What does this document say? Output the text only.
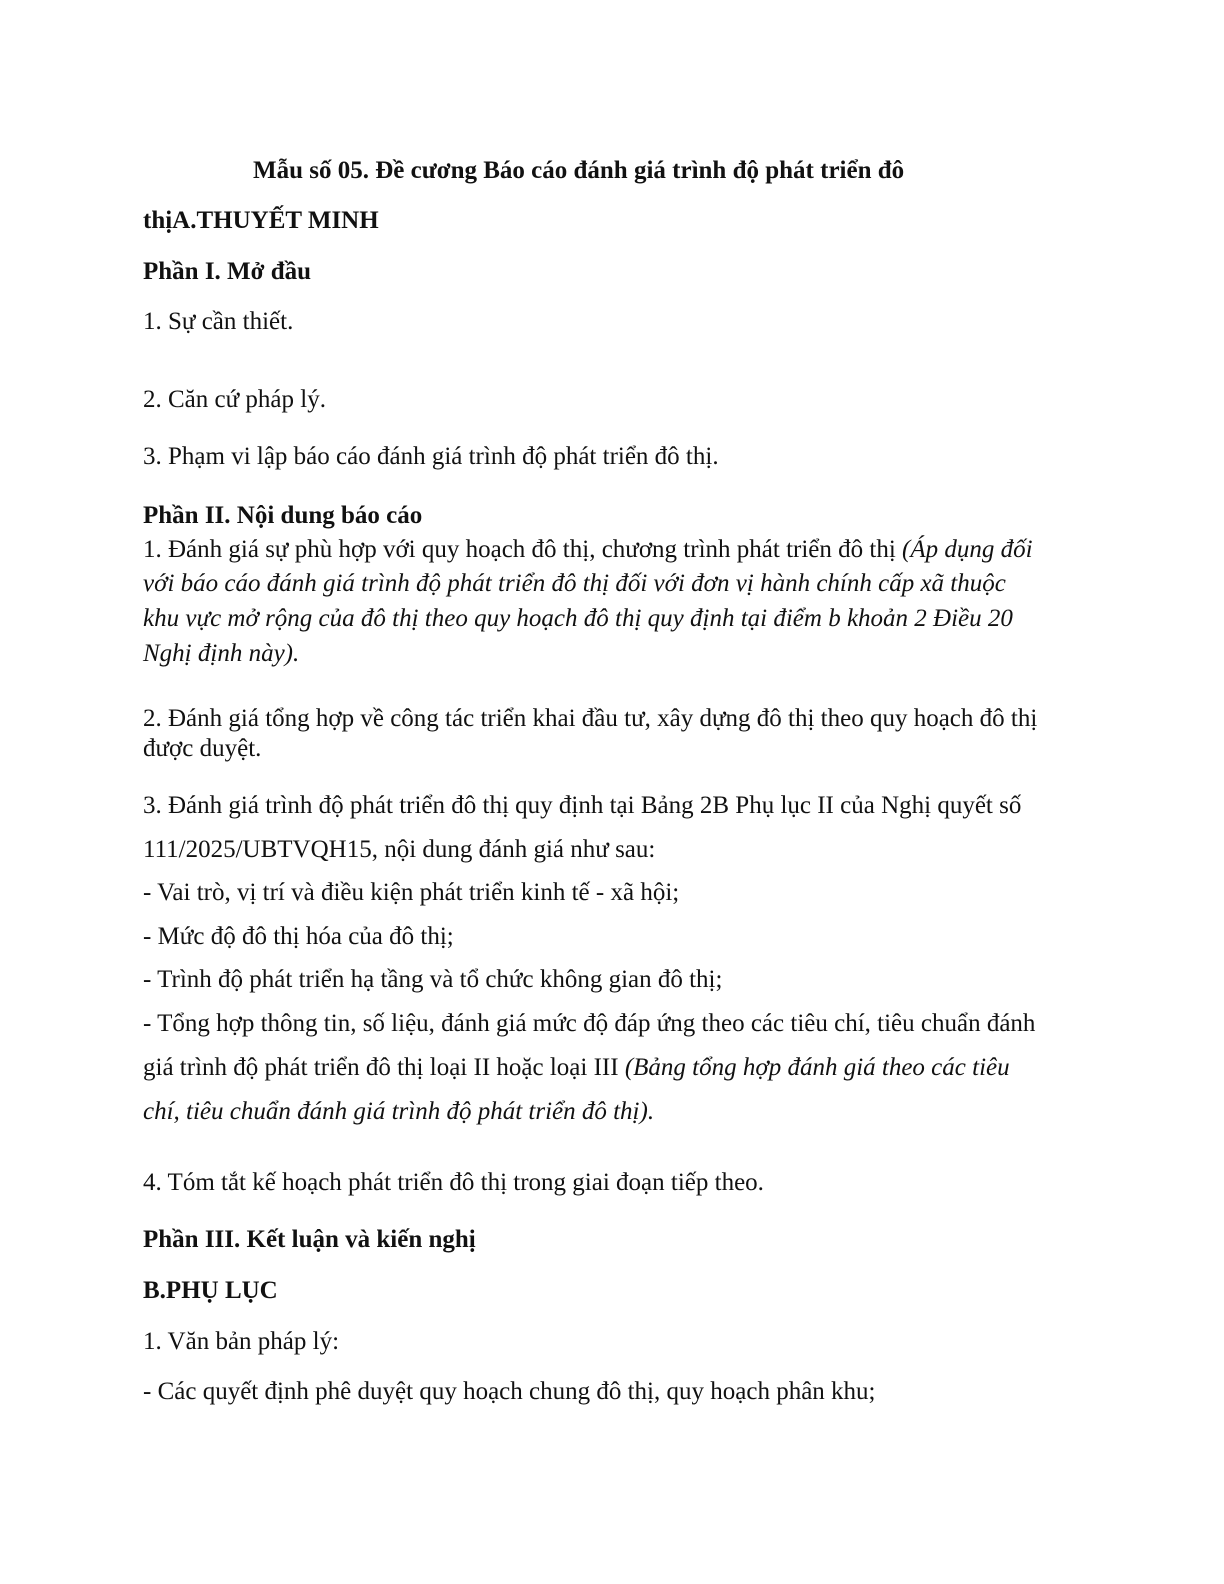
Mẫu số 05. Đề cương Báo cáo đánh giá trình độ phát triển đô
thịA.THUYẾT MINH
Phần I. Mở đầu
1. Sự cần thiết.
2. Căn cứ pháp lý.
3. Phạm vi lập báo cáo đánh giá trình độ phát triển đô thị.
Phần II. Nội dung báo cáo
1. Đánh giá sự phù hợp với quy hoạch đô thị, chương trình phát triển đô thị (Áp dụng đối
với báo cáo đánh giá trình độ phát triển đô thị đối với đơn vị hành chính cấp xã thuộc
khu vực mở rộng của đô thị theo quy hoạch đô thị quy định tại điểm b khoản 2 Điều 20
Nghị định này).
2. Đánh giá tổng hợp về công tác triển khai đầu tư, xây dựng đô thị theo quy hoạch đô thị
được duyệt.
3. Đánh giá trình độ phát triển đô thị quy định tại Bảng 2B Phụ lục II của Nghị quyết số
111/2025/UBTVQH15, nội dung đánh giá như sau:
- Vai trò, vị trí và điều kiện phát triển kinh tế - xã hội;
- Mức độ đô thị hóa của đô thị;
- Trình độ phát triển hạ tầng và tổ chức không gian đô thị;
- Tổng hợp thông tin, số liệu, đánh giá mức độ đáp ứng theo các tiêu chí, tiêu chuẩn đánh
giá trình độ phát triển đô thị loại II hoặc loại III (Bảng tổng hợp đánh giá theo các tiêu
chí, tiêu chuẩn đánh giá trình độ phát triển đô thị).
4. Tóm tắt kế hoạch phát triển đô thị trong giai đoạn tiếp theo.
Phần III. Kết luận và kiến nghị
B.PHỤ LỤC
1. Văn bản pháp lý:
- Các quyết định phê duyệt quy hoạch chung đô thị, quy hoạch phân khu;
